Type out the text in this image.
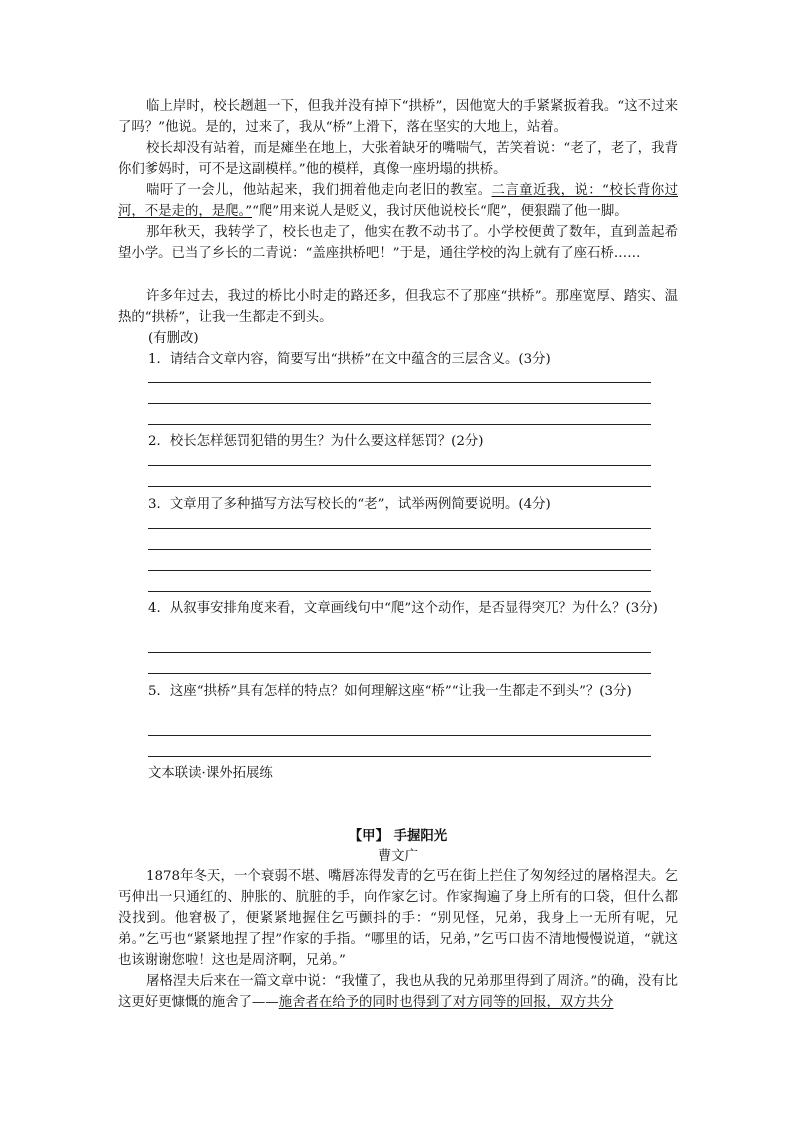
临上岸时，校长趔趄一下，但我并没有掉下“拱桥”，因他宽大的手紧紧扳着我。“这不过来了吗？”他说。是的，过来了，我从“桥”上滑下，落在坚实的大地上，站着。

校长却没有站着，而是瘫坐在地上，大张着缺牙的嘴喘气，苦笑着说：“老了，老了，我背你们爹妈时，可不是这副模样。”他的模样，真像一座坍塌的拱桥。

喘吁了一会儿，他站起来，我们拥着他走向老旧的教室。二言童近我，说：“校长背你过河，不是走的，是爬。”“爬”用来说人是贬义，我讨厌他说校长“爬”，便狠踹了他一脚。

那年秋天，我转学了，校长也走了，他实在教不动书了。小学校便黄了数年，直到盖起希望小学。已当了乡长的二青说：“盖座拱桥吧！”于是，通往学校的沟上就有了座石桥……

许多年过去，我过的桥比小时走的路还多，但我忘不了那座“拱桥”。那座宽厚、踏实、温热的“拱桥”，让我一生都走不到头。

(有删改)

1．请结合文章内容，简要写出“拱桥”在文中蕴含的三层含义。(3分)

2．校长怎样惩罚犯错的男生？为什么要这样惩罚？(2分)

3．文章用了多种描写方法写校长的“老”，试举两例简要说明。(4分)

4．从叙事安排角度来看，文章画线句中“爬”这个动作，是否显得突兀？为什么？(3分)

5．这座“拱桥”具有怎样的特点？如何理解这座“桥”“让我一生都走不到头”？(3分)

文本联读·课外拓展练

【甲】 手握阳光

曹文广

1878年冬天，一个衰弱不堪、嘴唇冻得发青的乞丐在街上拦住了匆匆经过的屠格涅夫。乞丐伸出一只通红的、肿胀的、肮脏的手，向作家乞讨。作家掏遍了身上所有的口袋，但什么都没找到。他窘极了，便紧紧地握住乞丐颤抖的手：“别见怪，兄弟，我身上一无所有呢，兄弟。”乞丐也“紧紧地捏了捏”作家的手指。“哪里的话，兄弟，”乞丐口齿不清地慢慢说道，“就这也该谢谢您啦！这也是周济啊，兄弟。”

屠格涅夫后来在一篇文章中说：“我懂了，我也从我的兄弟那里得到了周济。”的确，没有比这更好更慷慨的施舍了——施舍者在给予的同时也得到了对方同等的回报，双方共分
